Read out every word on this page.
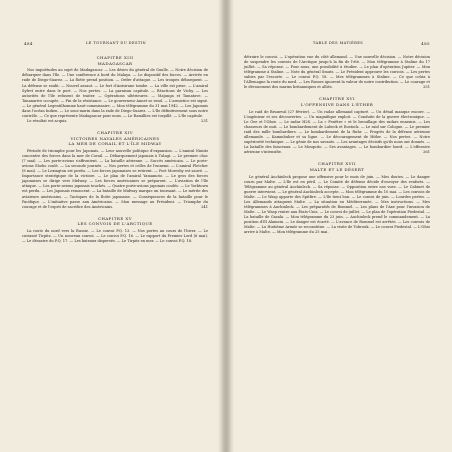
484	LE TOURNANT DU DESTIN
CHAPITRE XIII
MADAGASCAR

Nos inquiétudes au sujet de Madagascar. — Les désirs du général de Gaulle. — Notre décision de débarquer dans l'île. — Une conférence à bord du Malaya. — Le dispositif des forces. — Arrivée en rade de Diego-Suarez. — La flotte prend position. — Ordre d'attaque. — Les troupes débarquent. — La défense se raidit. — Nouvel assaut. — Le fort d'Antsirane tombe. — La ville est prise. — L'amiral Syfret entre dans le port. — Nos pertes. — La garnison capitule. — Réactions de Vichy. — Les autorités de l'île refusent de traiter. — Opérations ultérieures. — Majunga et Tamatave. — Tananarive occupée. — Fin de la résistance. — Le gouverneur Annet se rend. — L'armistice est signé. — Le général Legentilhomme haut-commissaire. — Mon télégramme du 31 mai 1942. — Les Japonais dans l'océan Indien. — Le sous-marin dans la rade de Diego-Suarez. — L'île définitivement sous notre contrôle. — Ce que représente Madagascar pour nous. — Le Ramillies est torpillé. — L'île capitule.

Le résultat est acquis.	231

CHAPITRE XIV
VICTOIRES NAVALES AMÉRICAINES
LA MER DE CORAIL ET L'ÎLE MIDWAY

Période de triomphe pour les Japonais. — Leur nouvelle politique d'expansion. — L'amiral Nimitz concentre des forces dans la mer de Corail. — Débarquement japonais à Tulagi. — Le premier choc (7 mai). — Les porte-avions s'affrontent. — La bataille aérienne. — Succès américain. — Le porte-avions Shoho coulé. — La seconde journée. — Nos pertes et celles de l'ennemi. — L'amiral Fletcher (8 mai). — Le Lexington est perdu. — Les forces japonaises se retirent. — Port Moresby est sauvé. — Importance stratégique de la victoire. — Le plan de l'amiral Yamamoto. — Le gros des forces japonaises se dirige vers Midway. — Les forces américaines se préparent. — L'aviation de l'île attaque. — Les porte-avions japonais touchés. — Quatre porte-avions japonais coulés. — Le Yorktown est perdu. — Les Japonais renoncent. — La bataille de Midway marque un tournant. — Le mérite des aviateurs américains. — Tactiques de la flotte japonaise. — Conséquences de la bataille pour le Pacifique. — L'initiative passe aux Américains. — Mon message au Président. — Triomphe du courage et de l'esprit de sacrifice des Américains.	241

CHAPITRE XV
LES CONVOIS DE L'ARCTIQUE

La route du nord vers la Russie. — Le convoi P.Q. 13. — Nos pertes au cours de l'hiver. — Le cuirassé Tirpitz. — Un nouveau convoi. — Le convoi P.Q. 16. — Le rapport du Premier Lord (6 mai). — Le désastre du P.Q. 17. — Les bateaux dispersés. — Le Tirpitz en mer. — Le convoi P.Q. 18.

TABLE DES MATIÈRES	485

détruire le convoi. — L'opération vue du côté allemand. — Une nouvelle décision. — Notre décision de suspendre les convois de l'Arctique jusqu'à la fin de l'été. — Mon télégramme à Staline du 17 juillet. — Sa réponse. — Pour nous, une possibilité à étudier. — Le plan d'opération Jupiter. — Mon télégramme à Staline. — Note du général Smuts. — Le Président approuve les convois. — Les pertes subies par l'escorte. — Le convoi P.Q. 18. — Mes télégrammes à Staline. — Ce que coûta à l'Allemagne la route du nord. — Les Russes ignorent la valeur de notre contribution. — Le courage et le dévouement des marins britanniques et alliés.	251

CHAPITRE XVI
L'OFFENSIVE DANS L'ÉTHER

Le raid de Bruneval (27 février). — Un radar allemand capturé. — Un détail manque encore. — L'ingénieur et ses découvertes. — Un magnifique exploit. — Conduite de la guerre électronique. — Le Gee et l'Oboe. — Le radar H2S. — La « Fenêtre » et le brouillage des radars ennemis. — Les chasseurs de nuit. — Le bombardement de Lubeck et Rostock. — Le raid sur Cologne. — Le premier raid des mille bombardiers. — Le bombardement de la Ruhr. — Progrès de la défense aérienne allemande. — Kammhuber et sa ligne. — Le découragement de Hitler. — Nos pertes. — Notre supériorité technique. — Le génie de nos savants. — Les avantages décisifs qu'ils nous ont donnés. — La bataille des faisceaux. — Le Mosquito. — Ses avantages. — Le bombardier lourd. — L'offensive aérienne s'intensifie.	261

CHAPITRE XVII
MALTE ET LE DÉSERT

Le général Auchinleck propose une offensive pour le mois de juin. — Mes doutes. — Le danger couru par Malte. — L'île est en péril. — Le Comité de défense décide d'envoyer des renforts. — Télégramme au général Auchinleck. — Sa réponse. — Opposition entre nos vues. — Le Cabinet de guerre intervient. — Le général Auchinleck accepte. — Mon télégramme du 10 mai. — Les convois de Malte. — Le Wasp apporte des Spitfire. — L'île tient bon. — Le convoi de juin. — Lourdes pertes. — Les Allemands attaquent Malte. — La situation en Méditerranée. — Mes instructions. — Mes télégrammes à Auchinleck. — Les préparatifs de Rommel. — Les plans de l'Axe pour l'invasion de Malte. — Le Wasp rentre aux États-Unis. — Le convoi de juillet. — Le plan de l'opération Piedestal. — La bataille de Gazala. — Mon télégramme du 23 juin. — Auchinleck prend le commandement. — La position d'El Alamein. — Le danger est écarté. — L'avance de Rommel est arrêtée. — Les convois de Malte. — La Huitième Armée se reconstitue. — La visite de Tobrouk. — Le convoi Piedestal. — L'Ohio arrive à Malte. — Mon télégramme du 25 mai.
